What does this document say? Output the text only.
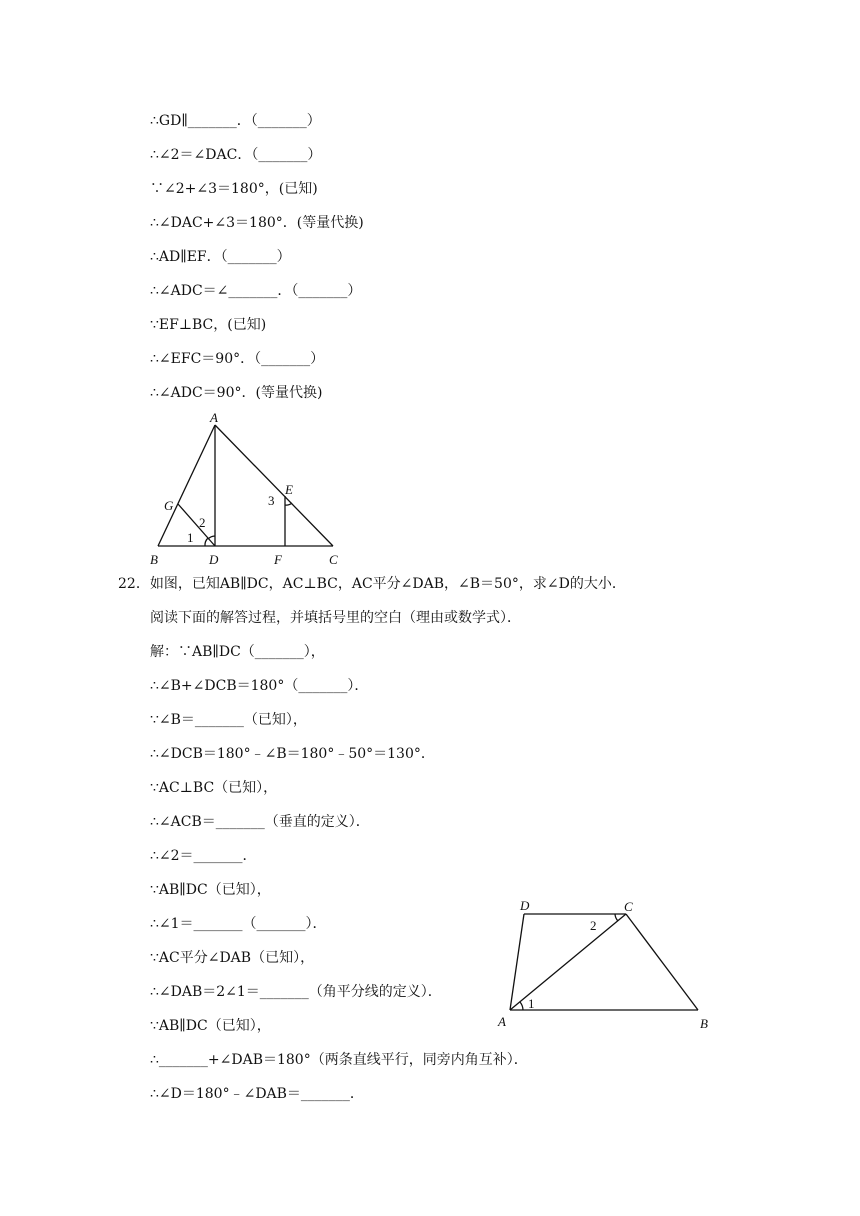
∴GD∥_______．（_______）
∴∠2＝∠DAC．（_______）
∵∠2+∠3＝180°，(已知)
∴∠DAC+∠3＝180°．(等量代换)
∴AD∥EF．（_______）
∴∠ADC＝∠_______．（_______）
∵EF⊥BC，(已知)
∴∠EFC＝90°．（_______）
∴∠ADC＝90°．(等量代换)
A
B	C
D
E
F
G
1
2
3
22．如图，已知AB∥DC，AC⊥BC，AC平分∠DAB，∠B＝50°，求∠D的大小．
阅读下面的解答过程，并填括号里的空白（理由或数学式）．
解：∵AB∥DC（_______），
∴∠B+∠DCB＝180°（_______）．
∵∠B＝_______（已知），
∴∠DCB＝180°﹣∠B＝180°﹣50°＝130°．
∵AC⊥BC（已知），
∴∠ACB＝_______（垂直的定义）．
∴∠2＝_______．
∵AB∥DC（已知），
∴∠1＝_______（_______）．
∵AC平分∠DAB（已知），
∴∠DAB＝2∠1＝_______（角平分线的定义）．
∵AB∥DC（已知），
∴_______+∠DAB＝180°（两条直线平行，同旁内角互补）．
∴∠D＝180°﹣∠DAB＝_______．
D	C
A	B
1
2
